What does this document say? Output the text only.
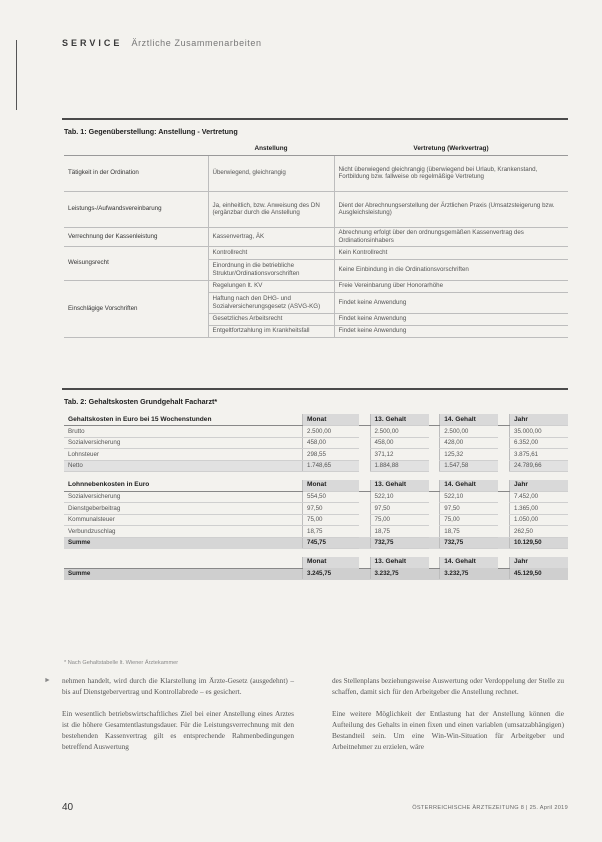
SERVICE Ärztliche Zusammenarbeiten
Tab. 1: Gegenüberstellung: Anstellung - Vertretung
	Anstellung	Vertretung (Werkvertrag)
Tätigkeit in der Ordination	Überwiegend, gleichrangig	Nicht überwiegend gleichrangig (überwiegend bei Urlaub, Krankenstand, Fortbildung bzw. fallweise ob regelmäßige Vertretung
Leistungs-/Aufwandsvereinbarung	Ja, einheitlich, bzw. Anweisung des DN (ergänzbar durch die Anstellung	Dient der Abrechnungserstellung der Ärztlichen Praxis (Umsatzsteigerung bzw. Ausgleichsleistung)
Verrechnung der Kassenleistung	Kassenvertrag, ÄK	Abrechnung erfolgt über den ordnungsgemäßen Kassenvertrag des Ordinationsinhabers
Weisungsrecht	Kontrollrecht	Kein Kontrollrecht
	Einordnung in die betriebliche Struktur/Ordinationsvorschriften	Keine Einbindung in die Ordinationsvorschriften
Einschlägige Vorschriften	Regelungen lt. KV	Freie Vereinbarung über Honorarhöhe
	Haftung nach den DHG- und Sozialversicherungsgesetz (ASVG-KG)	Findet keine Anwendung
	Gesetzliches Arbeitsrecht	Findet keine Anwendung
	Entgeltfortzahlung im Krankheitsfall	Findet keine Anwendung
Tab. 2: Gehaltskosten Grundgehalt Facharzt*
Gehaltskosten in Euro bei 15 Wochenstunden	Monat		13. Gehalt		14. Gehalt		Jahr
Brutto	2.500,00		2.500,00		2.500,00		35.000,00
Sozialversicherung	458,00		458,00		428,00		6.352,00
Lohnsteuer	298,55		371,12		125,32		3.875,61
Netto	1.748,65		1.884,88		1.547,58		24.789,66

Lohnnebenkosten in Euro	Monat		13. Gehalt		14. Gehalt		Jahr
Sozialversicherung	554,50		522,10		522,10		7.452,00
Dienstgeberbeitrag	97,50		97,50		97,50		1.365,00
Kommunalsteuer	75,00		75,00		75,00		1.050,00
Verbundzuschlag	18,75		18,75		18,75		262,50
Summe	745,75		732,75		732,75		10.129,50

	Monat		13. Gehalt		14. Gehalt		Jahr
Summe	3.245,75		3.232,75		3.232,75		45.129,50
* Nach Gehaltstabelle lt. Wiener Ärztekammer
► nehmen handelt, wird durch die Klarstellung im Ärzte-Gesetz (ausgedehnt) – bis auf Dienstgebervertrag und Kontrollabrede – es gesichert.

Ein wesentlich betriebswirtschaftliches Ziel bei einer Anstellung eines Arztes ist die höhere Gesamtentlastungsdauer. Für die Leistungsverrechnung mit den bestehenden Kassenvertrag gilt es entsprechende Rahmenbedingungen betreffend Auswertung

des Stellenplans beziehungsweise Auswertung oder Verdoppelung der Stelle zu schaffen, damit sich für den Arbeitgeber die Anstellung rechnet.

Eine weitere Möglichkeit der Entlastung hat der Anstellung können die Aufteilung des Gehalts in einen fixen und einen variablen (umsatzabhängigen) Bestandteil sein. Um eine Win-Win-Situation für Arbeitgeber und Arbeitnehmer zu erzielen, wäre

40	ÖSTERREICHISCHE ÄRZTEZEITUNG 8 | 25. April 2019
